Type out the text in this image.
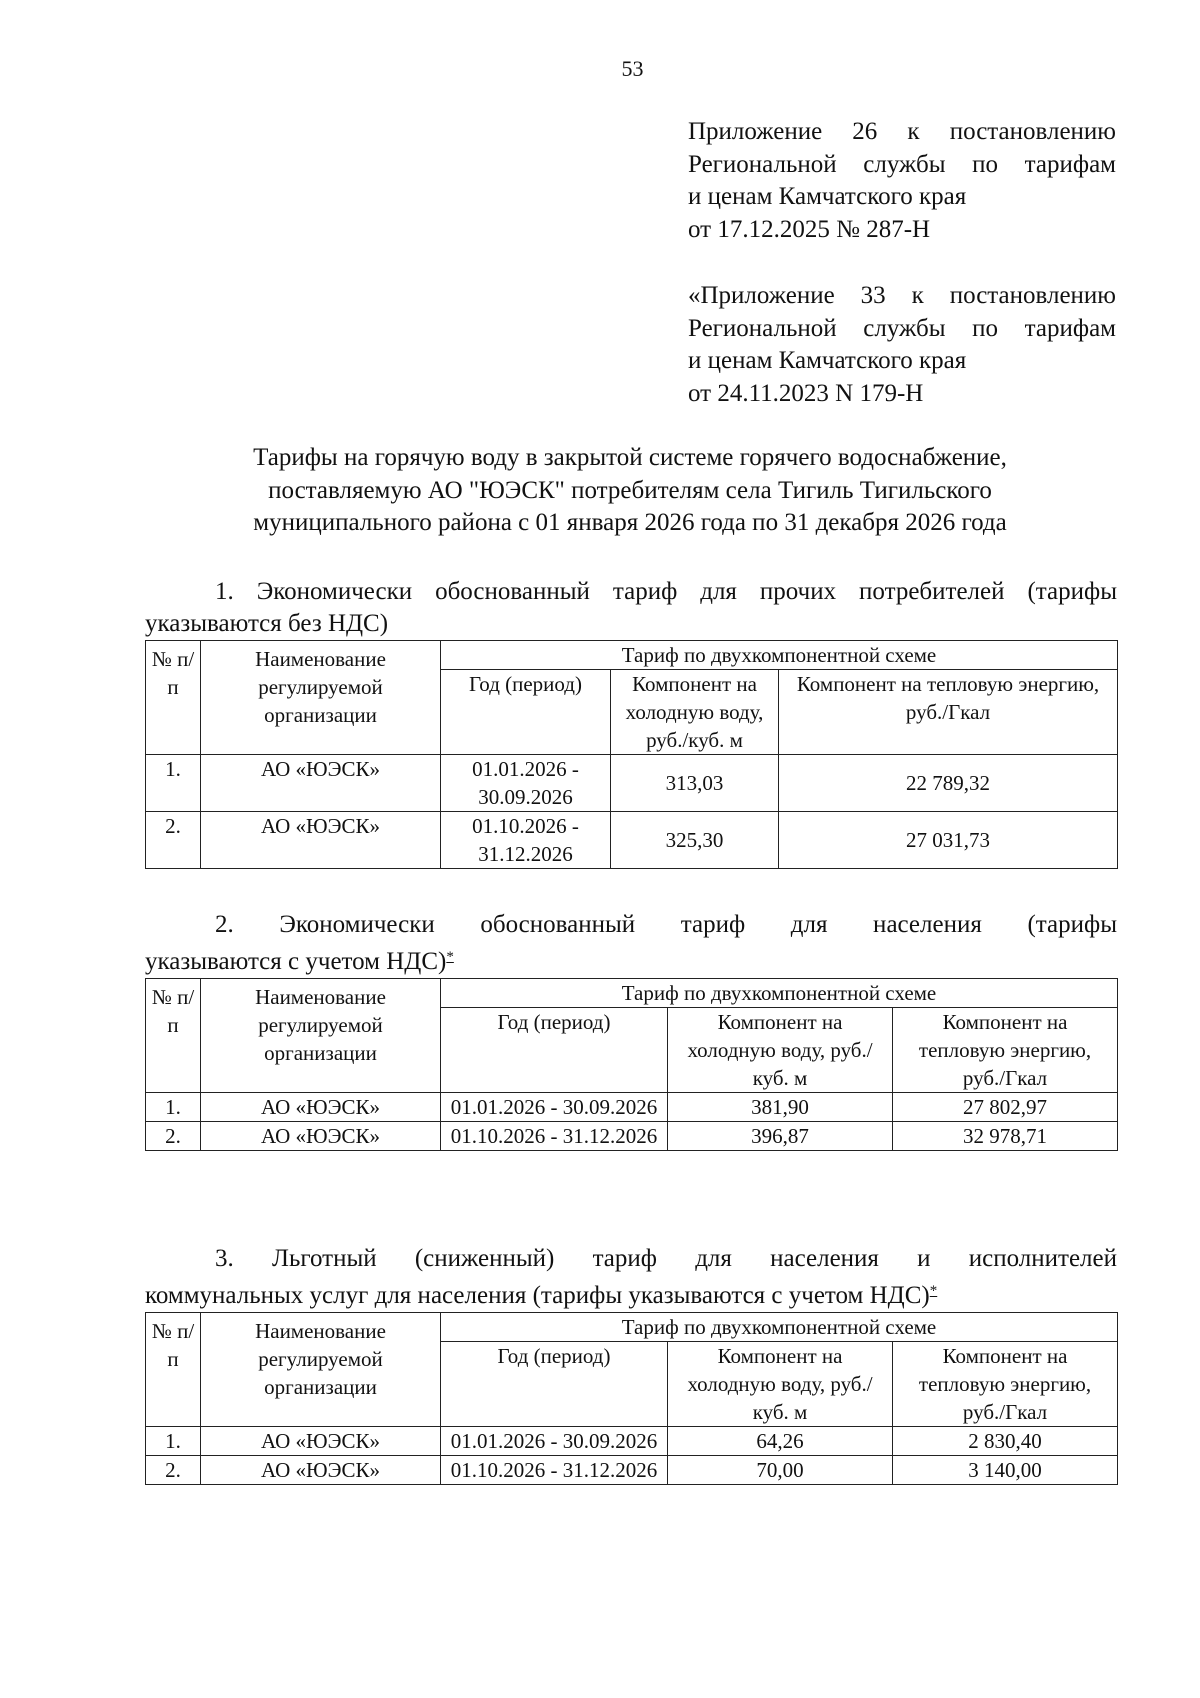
53
Приложение 26 к постановлению
Региональной службы по тарифам
и ценам Камчатского края
от 17.12.2025 № 287-Н
«Приложение 33 к постановлению
Региональной службы по тарифам
и ценам Камчатского края
от 24.11.2023 N 179-Н
Тарифы на горячую воду в закрытой системе горячего водоснабжение,
поставляемую АО "ЮЭСК" потребителям села Тигиль Тигильского
муниципального района с 01 января 2026 года по 31 декабря 2026 года

1. Экономически обоснованный тариф для прочих потребителей (тарифы
указываются без НДС)

№ п/п	Наименование регулируемой организации	Тариф по двухкомпонентной схеме		
		Год (период)	Компонент на холодную воду, руб./куб. м	Компонент на тепловую энергию, руб./Гкал
1.	АО «ЮЭСК»	01.01.2026 - 30.09.2026	313,03	22 789,32
2.	АО «ЮЭСК»	01.10.2026 - 31.12.2026	325,30	27 031,73

2. Экономически обоснованный тариф для населения (тарифы
указываются с учетом НДС)*

№ п/п	Наименование регулируемой организации	Тариф по двухкомпонентной схеме		
		Год (период)	Компонент на холодную воду, руб./куб. м	Компонент на тепловую энергию, руб./Гкал
1.	АО «ЮЭСК»	01.01.2026 - 30.09.2026	381,90	27 802,97
2.	АО «ЮЭСК»	01.10.2026 - 31.12.2026	396,87	32 978,71

3. Льготный (сниженный) тариф для населения и исполнителей
коммунальных услуг для населения (тарифы указываются с учетом НДС)*

№ п/п	Наименование регулируемой организации	Тариф по двухкомпонентной схеме		
		Год (период)	Компонент на холодную воду, руб./куб. м	Компонент на тепловую энергию, руб./Гкал
1.	АО «ЮЭСК»	01.01.2026 - 30.09.2026	64,26	2 830,40
2.	АО «ЮЭСК»	01.10.2026 - 31.12.2026	70,00	3 140,00
